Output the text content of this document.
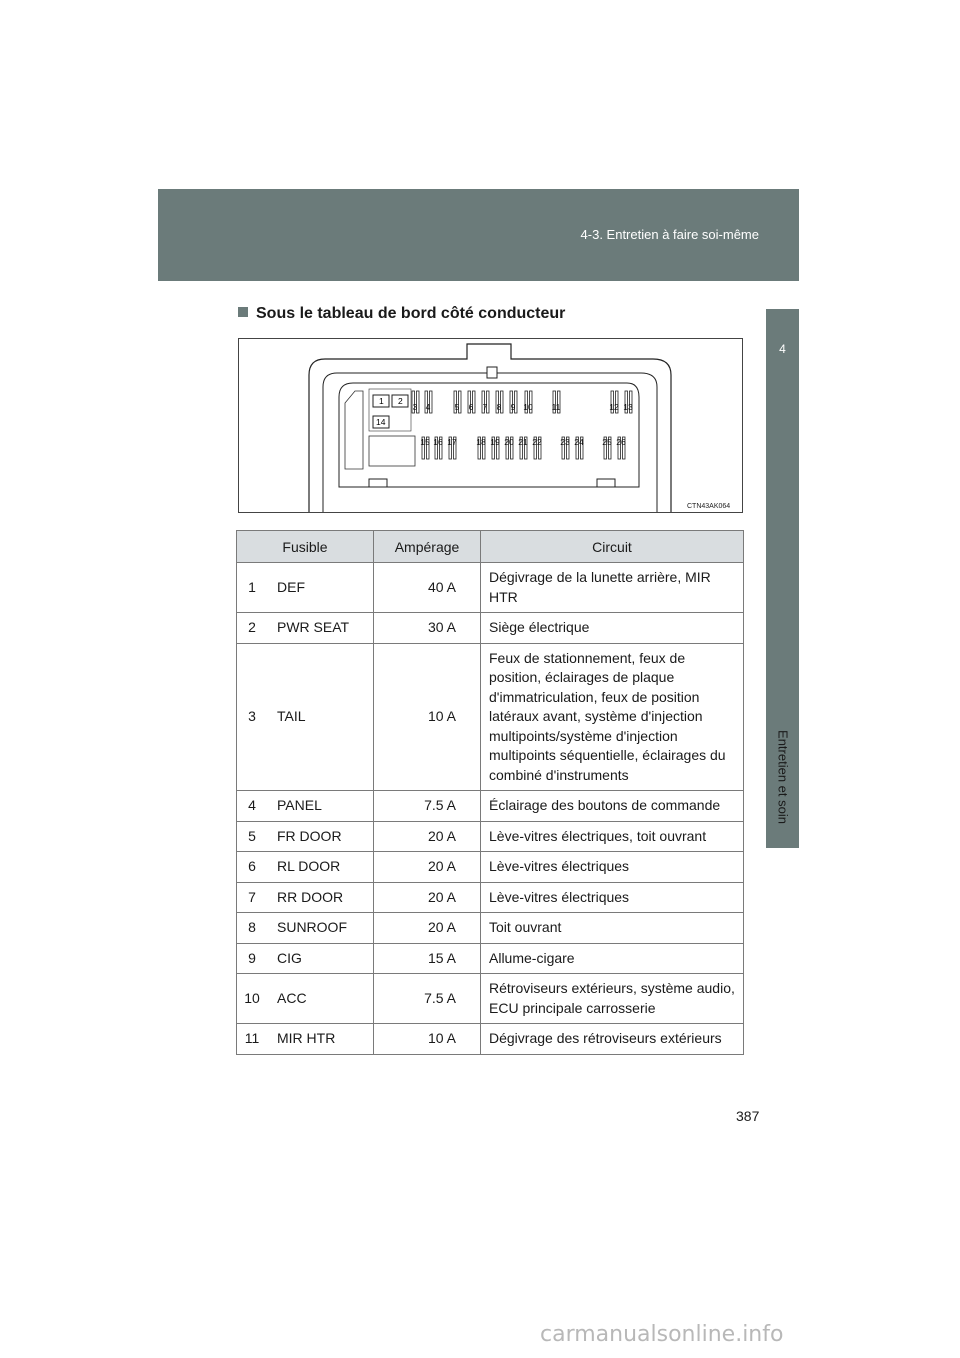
4-3. Entretien à faire soi-même
4
Entretien et soin
Sous le tableau de bord côté conducteur
3 4	5 6 7 8 9 10 11	12 13
15 16 17 18 19 20 21 22 23 24 25 26
1 2
14
CTN43AK064
Fusible		Ampérage	Circuit
1	DEF	40 A	Dégivrage de la lunette arrière, MIR HTR
2	PWR SEAT	30 A	Siège électrique
3	TAIL	10 A	Feux de stationnement, feux de position, éclairages de plaque d'immatriculation, feux de position latéraux avant, système d'injection multipoints/système d'injection multipoints séquentielle, éclairages du combiné d'instruments
4	PANEL	7.5 A	Éclairage des boutons de commande
5	FR DOOR	20 A	Lève-vitres électriques, toit ouvrant
6	RL DOOR	20 A	Lève-vitres électriques
7	RR DOOR	20 A	Lève-vitres électriques
8	SUNROOF	20 A	Toit ouvrant
9	CIG	15 A	Allume-cigare
10	ACC	7.5 A	Rétroviseurs extérieurs, système audio, ECU principale carrosserie
11	MIR HTR	10 A	Dégivrage des rétroviseurs extérieurs
387
carmanualsonline.info
